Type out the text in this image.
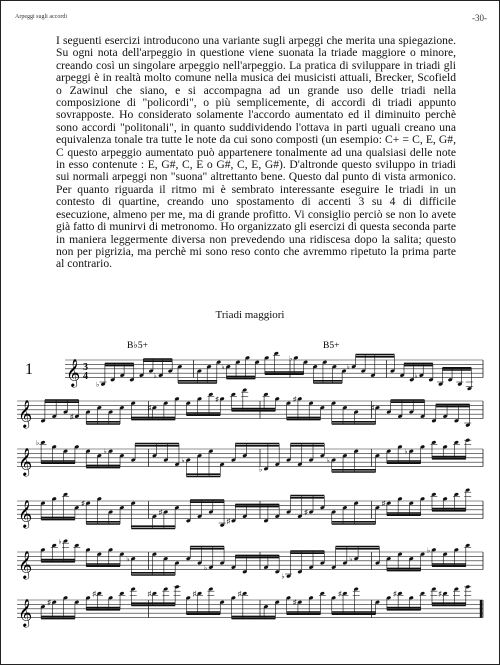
Arpeggi sugli accordi	-30-

I seguenti esercizi introducono una variante sugli arpeggi che merita una spiegazione. Su ogni nota dell'arpeggio in questione viene suonata la triade maggiore o minore, creando così un singolare arpeggio nell'arpeggio. La pratica di sviluppare in triadi gli arpeggi è in realtà molto comune nella musica dei musicisti attuali, Brecker, Scofield o Zawinul che siano, e si accompagna ad un grande uso delle triadi nella composizione di "policordi", o più semplicemente, di accordi di triadi appunto sovrapposte. Ho considerato solamente l'accordo aumentato ed il diminuito perchè sono accordi "politonali", in quanto suddividendo l'ottava in parti uguali creano una equivalenza tonale tra tutte le note da cui sono composti (un esempio: C+ = C, E, G#, C questo arpeggio aumentato può appartenere tonalmente ad una qualsiasi delle note in esso contenute : E, G#, C, E o G#, C, E, G#). D'altronde questo sviluppo in triadi sui normali arpeggi non "suona" altrettanto bene. Questo dal punto di vista armonico. Per quanto riguarda il ritmo mi è sembrato interessante eseguire le triadi in un contesto di quartine, creando uno spostamento di accenti 3 su 4 di difficile esecuzione, almeno per me, ma di grande profitto. Vi consiglio perciò se non lo avete già fatto di munirvi di metronomo. Ho organizzato gli esercizi di questa seconda parte in maniera leggermente diversa non prevedendo una ridiscesa dopo la salita; questo non per pigrizia, ma perchè mi sono reso conto che avremmo ripetuto la prima parte al contrario.

Triadi maggiori
1
B♭5+	B5+
3
4
𝄞 ♭
♭
♭
♭
♭
♭
𝄞	♯
♯
♯	♯
♯
𝄞
♭
♭
♭
♭
♭
♭
𝄞	♯
♯
♯
♯
♯
𝄞
♭
♭
♭
♭
♭
♭
𝄞 ♯
♯	♯	♯	♯
♯
♯	♯	♯
